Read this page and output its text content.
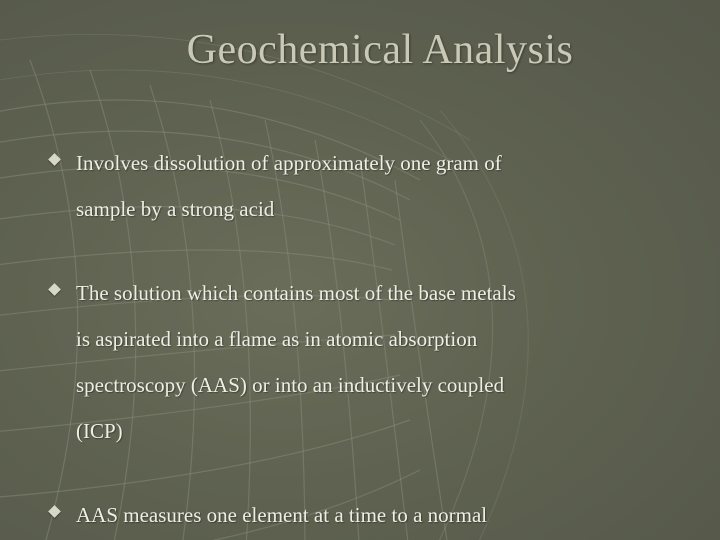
Geochemical Analysis
Involves dissolution of approximately one gram of
sample by a strong acid
The solution which contains most of the base metals
is aspirated into a flame as in atomic absorption
spectroscopy (AAS) or into an inductively coupled
(ICP)
AAS measures one element at a time to a normal
